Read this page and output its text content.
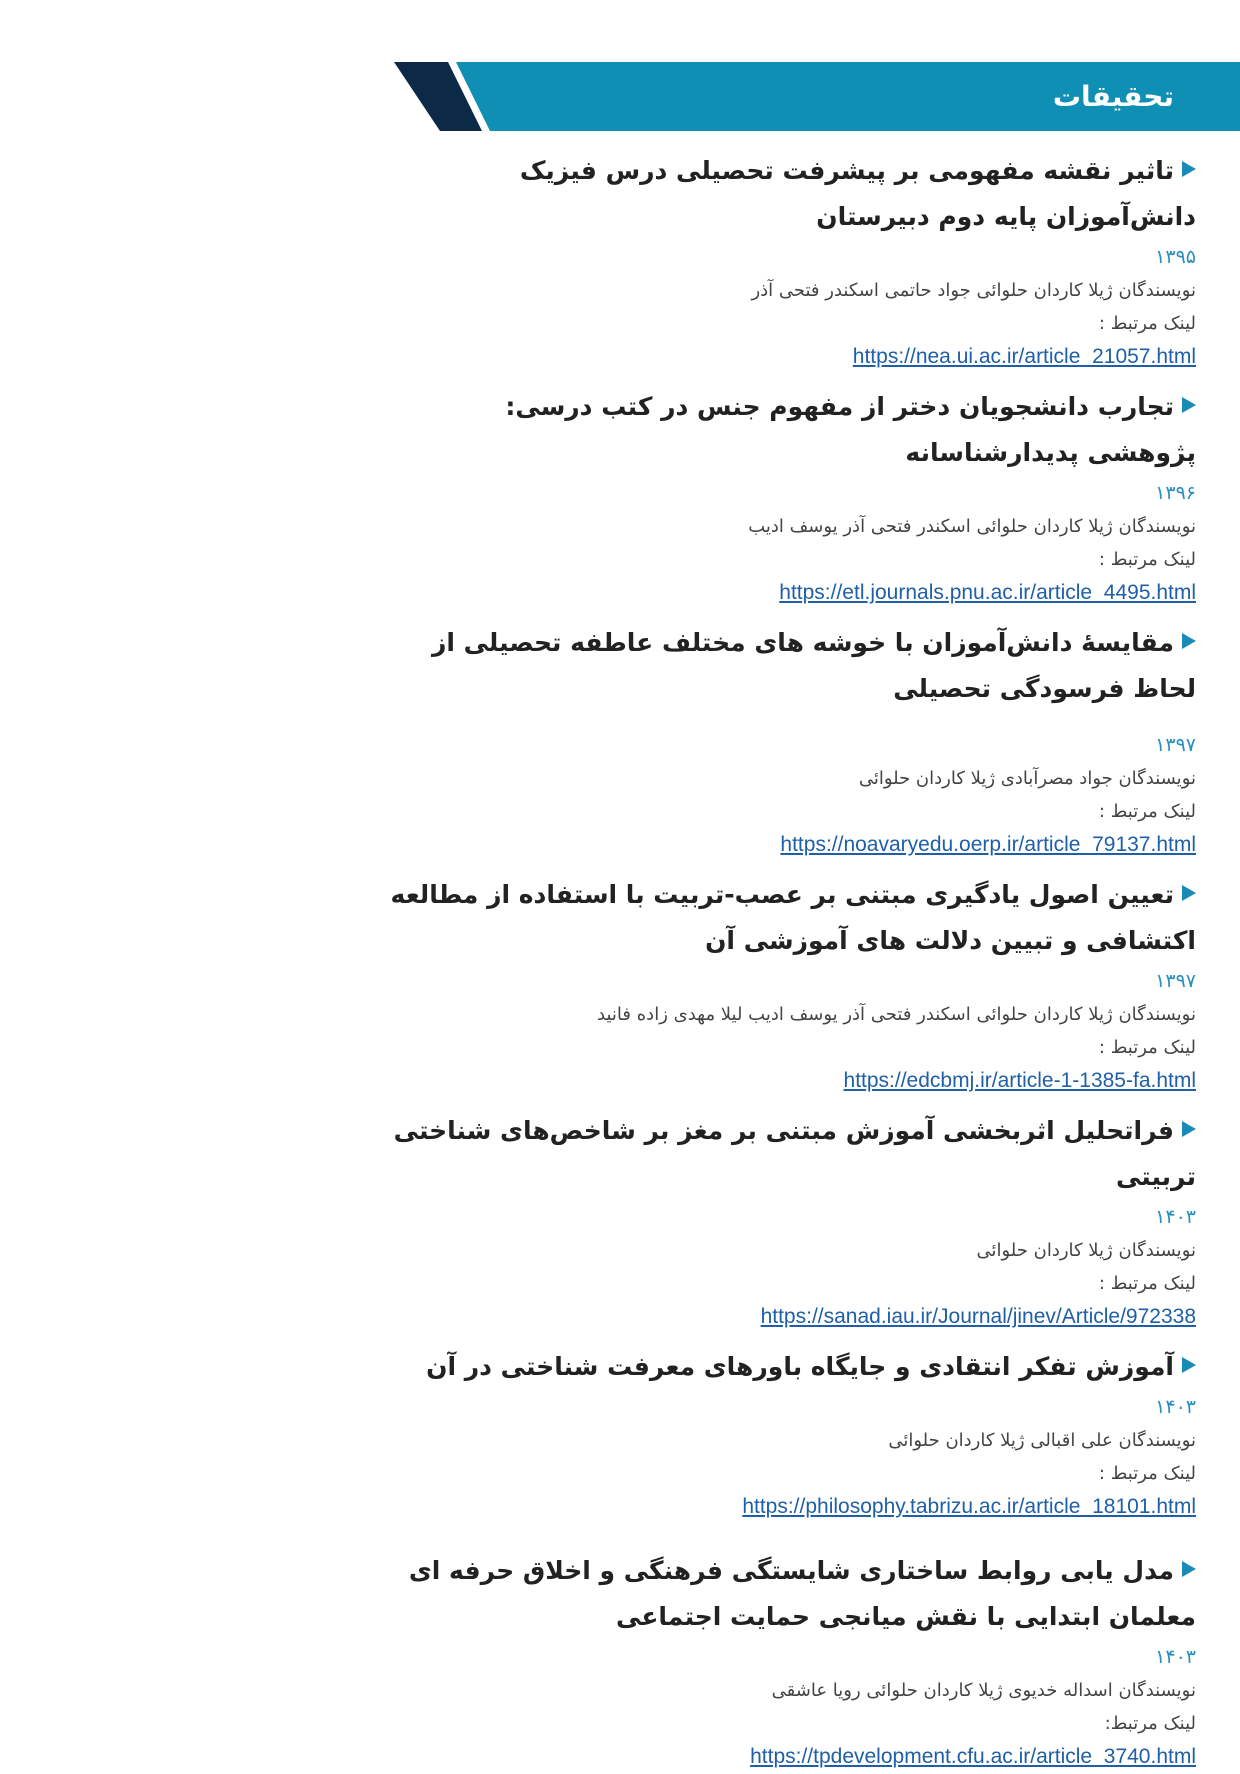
تحقیقات

تاثیر نقشه مفهومی بر پیشرفت تحصیلی درس فیزیک دانش‌آموزان پایه دوم دبیرستان

۱۳۹۵

نویسندگان ژیلا کاردان حلوائی جواد حاتمی اسکندر فتحی آذر

لینک مرتبط :

https://nea.ui.ac.ir/article_21057.html

تجارب دانشجویان دختر از مفهوم جنس در کتب درسی: پژوهشی پدیدارشناسانه

۱۳۹۶

نویسندگان ژیلا کاردان حلوائی اسکندر فتحی آذر یوسف ادیب

لینک مرتبط :

https://etl.journals.pnu.ac.ir/article_4495.html

مقایسۀ دانش‌آموزان با خوشه های مختلف عاطفه تحصیلی از لحاظ فرسودگی تحصیلی

۱۳۹۷

نویسندگان جواد مصرآبادی ژیلا کاردان حلوائی

لینک مرتبط :

https://noavaryedu.oerp.ir/article_79137.html

تعیین اصول یادگیری مبتنی بر عصب-تربیت با استفاده از مطالعه اکتشافی و تبیین دلالت های آموزشی آن

۱۳۹۷

نویسندگان ژیلا کاردان حلوائی اسکندر فتحی آذر یوسف ادیب لیلا مهدی زاده فانید

لینک مرتبط :

https://edcbmj.ir/article-1-1385-fa.html

فراتحلیل اثربخشی آموزش مبتنی بر مغز بر شاخص‌های شناختی تربیتی

۱۴۰۳

نویسندگان ژیلا کاردان حلوائی

لینک مرتبط :

https://sanad.iau.ir/Journal/jinev/Article/972338

آموزش تفکر انتقادی و جایگاه باورهای معرفت شناختی در آن

۱۴۰۳

نویسندگان علی اقبالی ژیلا کاردان حلوائی

لینک مرتبط :

https://philosophy.tabrizu.ac.ir/article_18101.html

مدل یابی روابط ساختاری شایستگی فرهنگی و اخلاق حرفه ای معلمان ابتدایی با نقش میانجی حمایت اجتماعی

۱۴۰۳

نویسندگان اسداله خدیوی ژیلا کاردان حلوائی رویا عاشقی

لینک مرتبط:

https://tpdevelopment.cfu.ac.ir/article_3740.html
